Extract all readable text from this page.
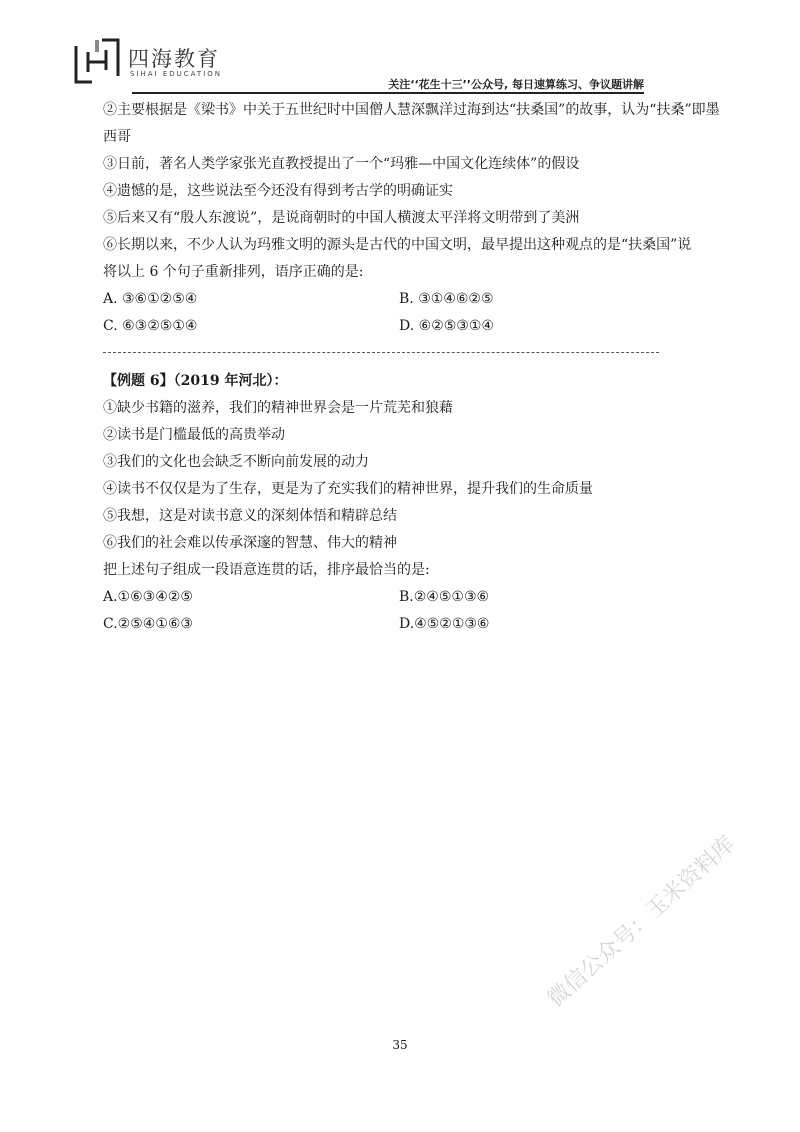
四海教育
SIHAI EDUCATION
关注‘‘花生十三’’公众号, 每日速算练习、争议题讲解
②主要根据是《梁书》中关于五世纪时中国僧人慧深飘洋过海到达“扶桑国”的故事，认为“扶桑”即墨西哥
③日前，著名人类学家张光直教授提出了一个“玛雅—中国文化连续体”的假设
④遗憾的是，这些说法至今还没有得到考古学的明确证实
⑤后来又有“殷人东渡说”，是说商朝时的中国人横渡太平洋将文明带到了美洲
⑥长期以来，不少人认为玛雅文明的源头是古代的中国文明，最早提出这种观点的是“扶桑国”说
将以上 6 个句子重新排列，语序正确的是:
A. ③⑥①②⑤④	B. ③①④⑥②⑤
C. ⑥③②⑤①④	D. ⑥②⑤③①④
【例题 6】（2019 年河北）：
①缺少书籍的滋养，我们的精神世界会是一片荒芜和狼藉
②读书是门槛最低的高贵举动
③我们的文化也会缺乏不断向前发展的动力
④读书不仅仅是为了生存，更是为了充实我们的精神世界，提升我们的生命质量
⑤我想，这是对读书意义的深刻体悟和精辟总结
⑥我们的社会难以传承深邃的智慧、伟大的精神
把上述句子组成一段语意连贯的话，排序最恰当的是:
A.①⑥③④②⑤	B.②④⑤①③⑥
C.②⑤④①⑥③	D.④⑤②①③⑥
微信公众号：玉米资料库
35
